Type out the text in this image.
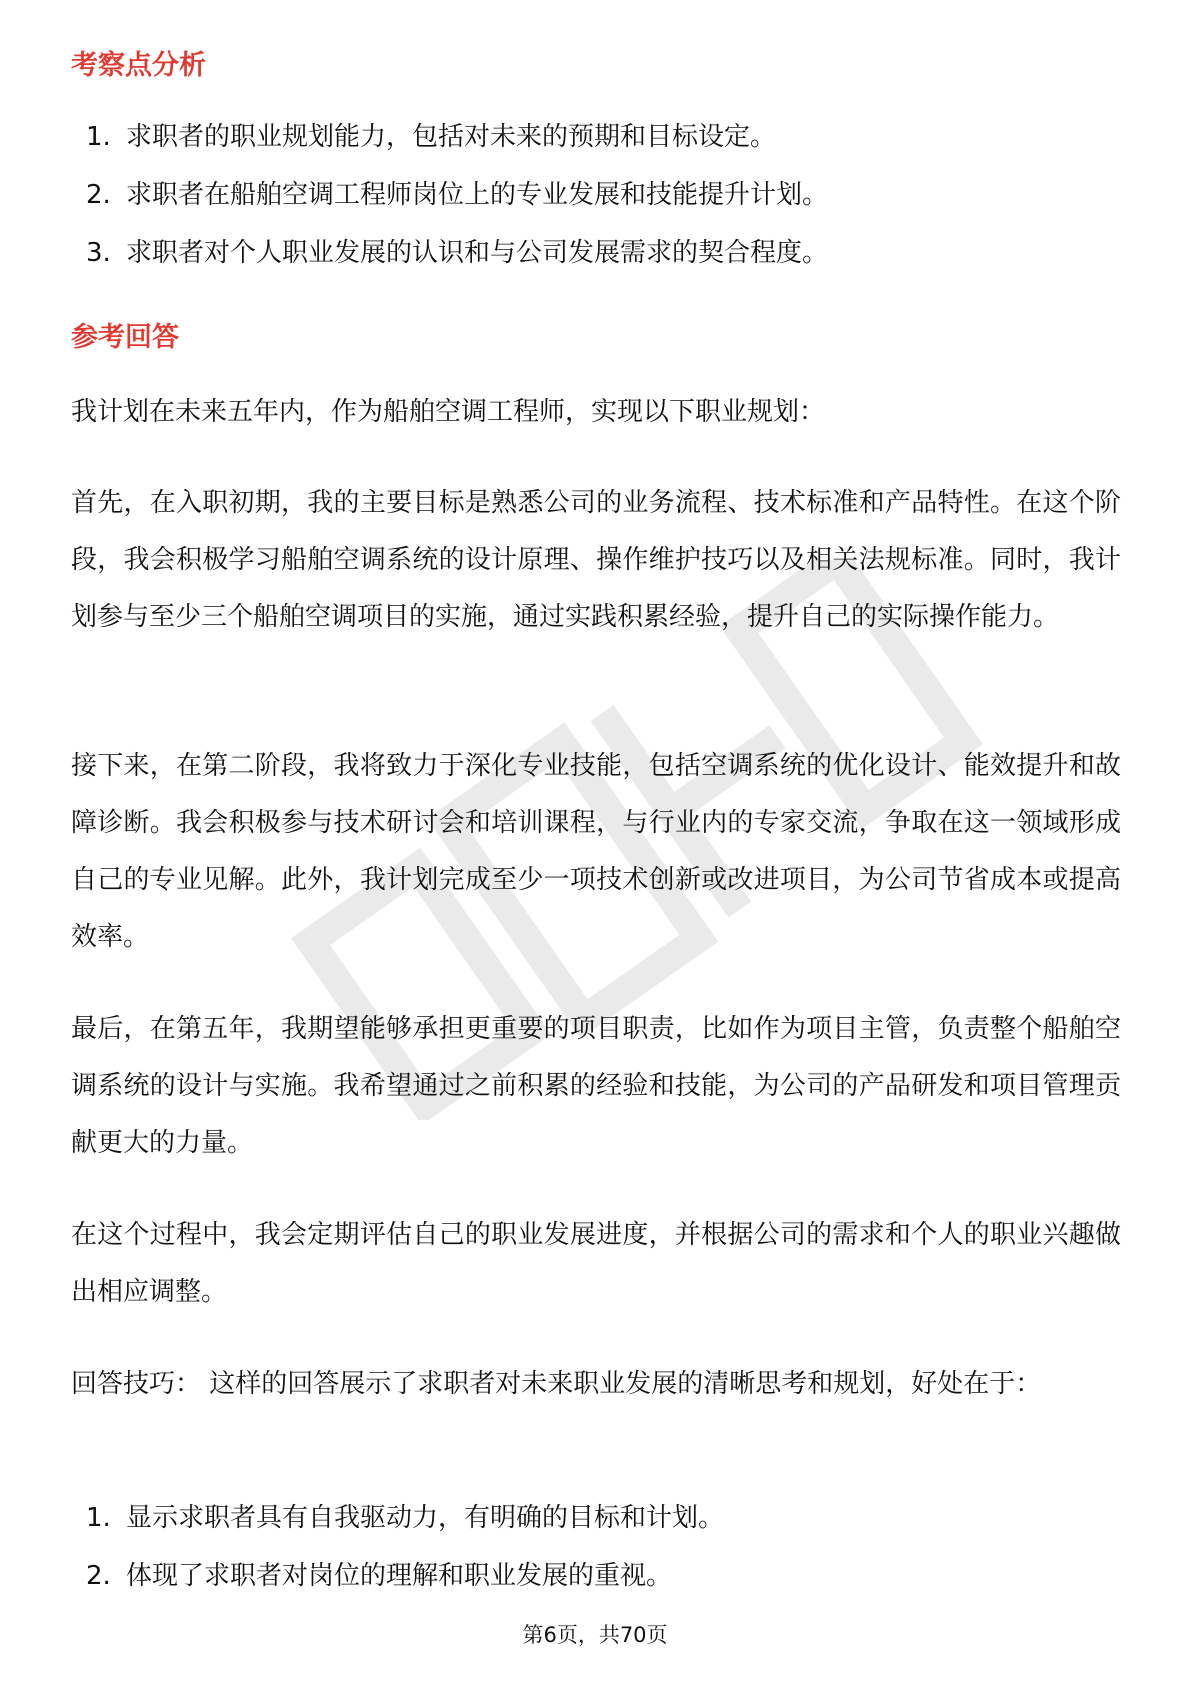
考察点分析
1. 求职者的职业规划能力，包括对未来的预期和目标设定。
2. 求职者在船舶空调工程师岗位上的专业发展和技能提升计划。
3. 求职者对个人职业发展的认识和与公司发展需求的契合程度。
参考回答

我计划在未来五年内，作为船舶空调工程师，实现以下职业规划：

首先，在入职初期，我的主要目标是熟悉公司的业务流程、技术标准和产品特性。在这个阶段，我会积极学习船舶空调系统的设计原理、操作维护技巧以及相关法规标准。同时，我计划参与至少三个船舶空调项目的实施，通过实践积累经验，提升自己的实际操作能力。

接下来，在第二阶段，我将致力于深化专业技能，包括空调系统的优化设计、能效提升和故障诊断。我会积极参与技术研讨会和培训课程，与行业内的专家交流，争取在这一领域形成自己的专业见解。此外，我计划完成至少一项技术创新或改进项目，为公司节省成本或提高效率。

最后，在第五年，我期望能够承担更重要的项目职责，比如作为项目主管，负责整个船舶空调系统的设计与实施。我希望通过之前积累的经验和技能，为公司的产品研发和项目管理贡献更大的力量。

在这个过程中，我会定期评估自己的职业发展进度，并根据公司的需求和个人的职业兴趣做出相应调整。

回答技巧： 这样的回答展示了求职者对未来职业发展的清晰思考和规划，好处在于：

1. 显示求职者具有自我驱动力，有明确的目标和计划。
2. 体现了求职者对岗位的理解和职业发展的重视。
第6页，共70页
